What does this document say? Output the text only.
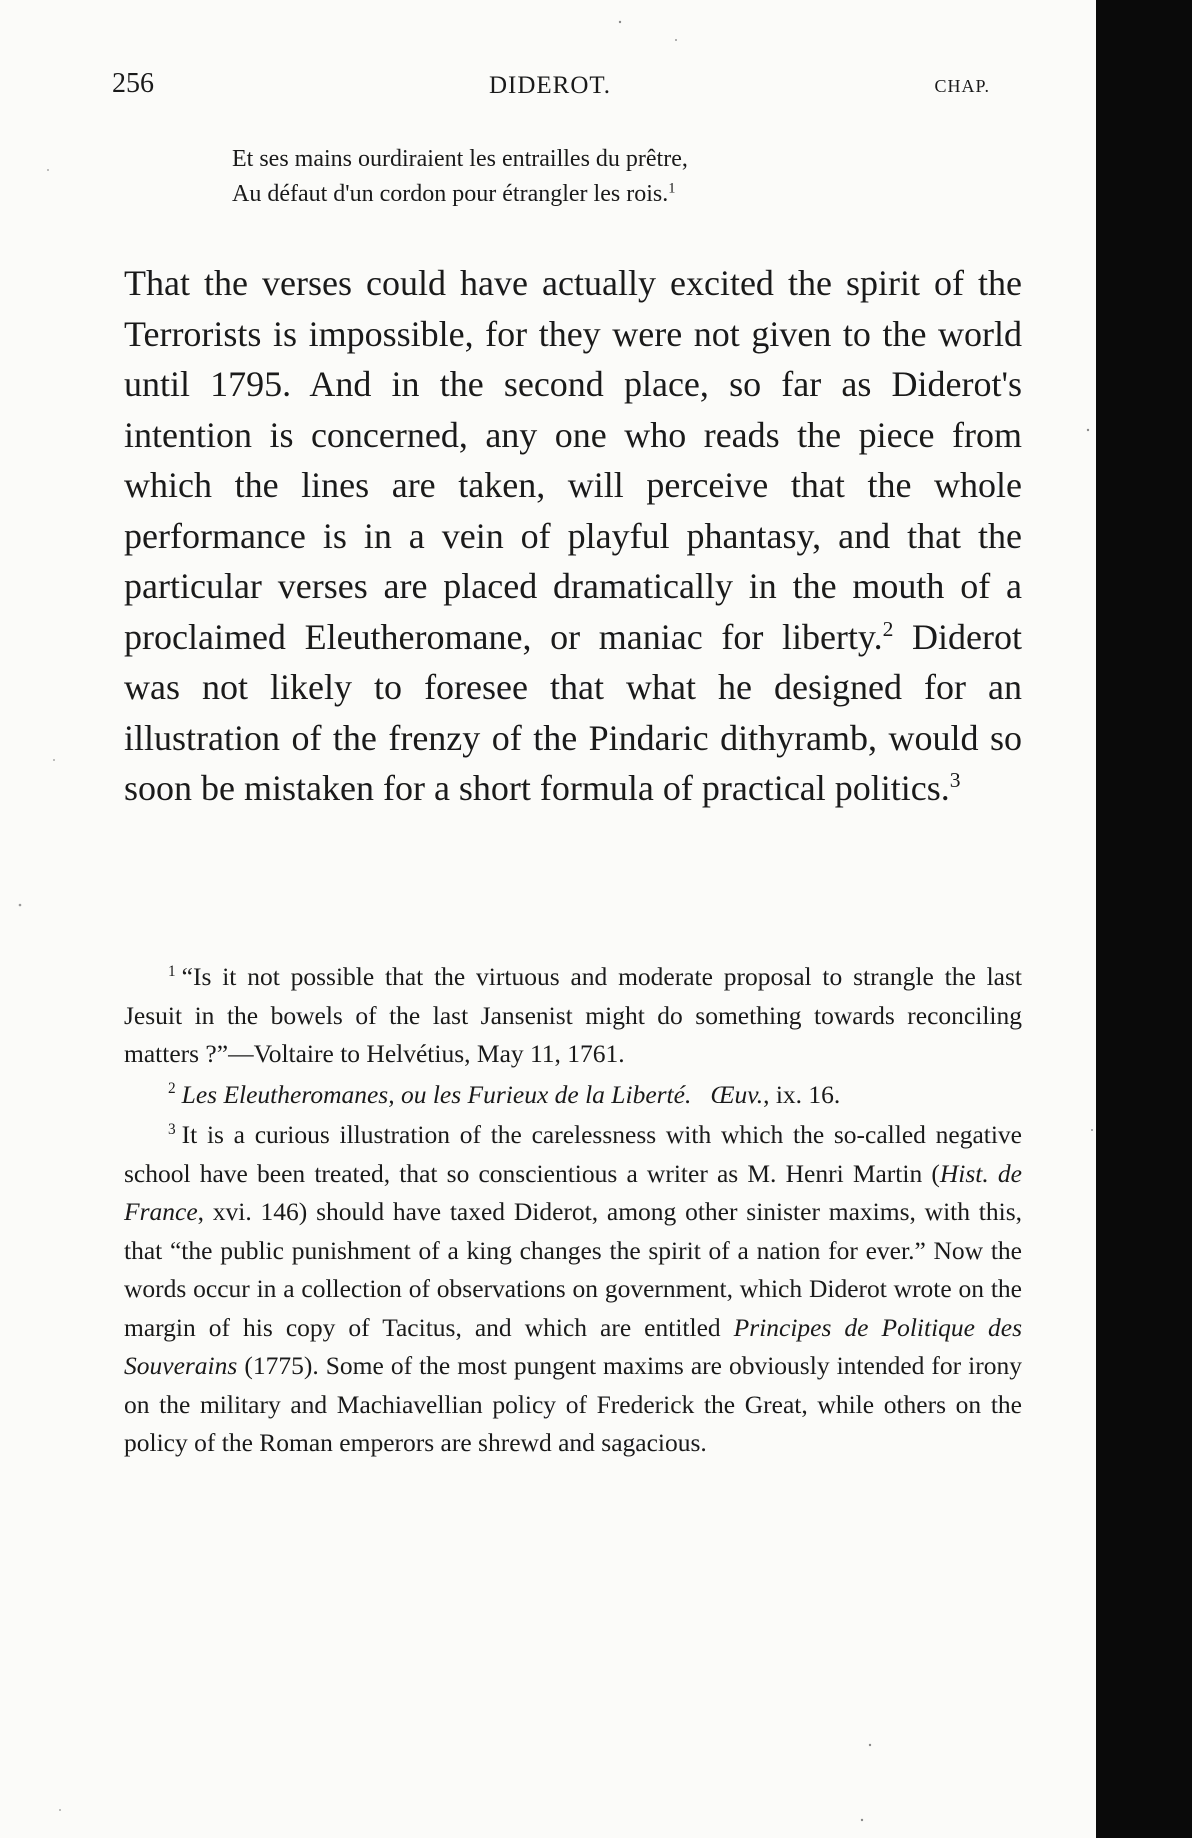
256	DIDEROT.	CHAP.
Et ses mains ourdiraient les entrailles du prêtre,
Au défaut d'un cordon pour étrangler les rois.$^1$
That the verses could have actually excited the spirit of the Terrorists is impossible, for they were not given to the world until 1795. And in the second place, so far as Diderot's intention is concerned, any one who reads the piece from which the lines are taken, will perceive that the whole performance is in a vein of playful phantasy, and that the particular verses are placed dramatically in the mouth of a proclaimed Eleutheromane, or maniac for liberty.$^2$ Diderot was not likely to foresee that what he designed for an illustration of the frenzy of the Pindaric dithyramb, would so soon be mistaken for a short formula of practical politics.$^3$

$^1$ “Is it not possible that the virtuous and moderate proposal to strangle the last Jesuit in the bowels of the last Jansenist might do something towards reconciling matters ?”—Voltaire to Helvétius, May 11, 1761.

$^2$ Les Eleutheromanes, ou les Furieux de la Liberté. Œuv., ix. 16.

$^3$ It is a curious illustration of the carelessness with which the so-called negative school have been treated, that so conscientious a writer as M. Henri Martin (Hist. de France, xvi. 146) should have taxed Diderot, among other sinister maxims, with this, that “the public punishment of a king changes the spirit of a nation for ever.” Now the words occur in a collection of observations on government, which Diderot wrote on the margin of his copy of Tacitus, and which are entitled Principes de Politique des Souverains (1775). Some of the most pungent maxims are obviously intended for irony on the military and Machiavellian policy of Frederick the Great, while others on the policy of the Roman emperors are shrewd and sagacious.
